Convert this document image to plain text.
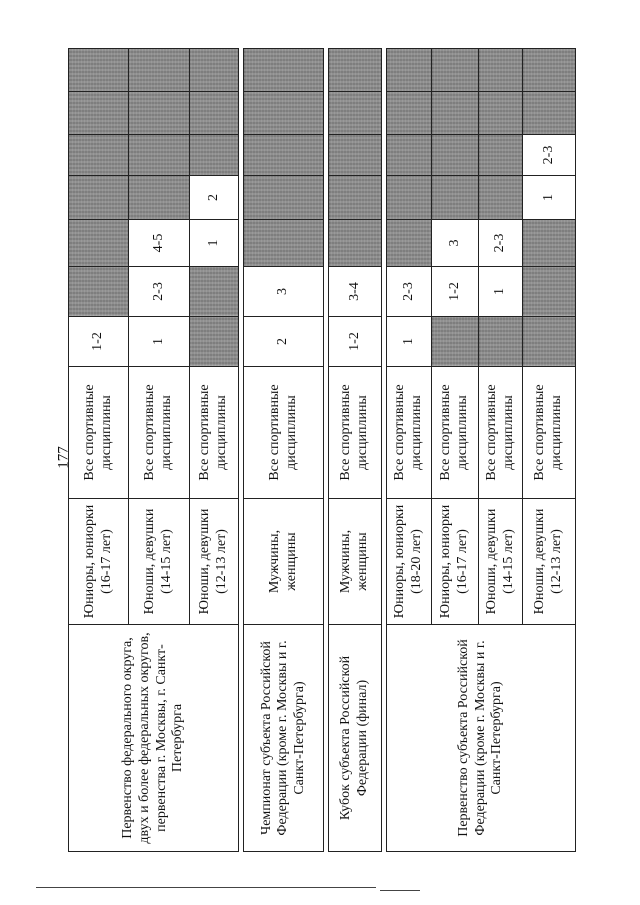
177
Первенство федерального округа, двух и более федеральных округов, первенства г. Москвы, г. Санкт-Петербурга	Юниоры, юниорки (16-17 лет)	Все спортивные дисциплины	1-2						
	Юноши, девушки (14-15 лет)	Все спортивные дисциплины	1	2-3	4-5				
	Юноши, девушки (12-13 лет)	Все спортивные дисциплины			1	2			

Чемпионат субъекта Российской Федерации (кроме г. Москвы и г. Санкт-Петербурга)	Мужчины, женщины	Все спортивные дисциплины	2	3					

Кубок субъекта Российской Федерации (финал)	Мужчины, женщины	Все спортивные дисциплины	1-2	3-4					

Первенство субъекта Российской Федерации (кроме г. Москвы и г. Санкт-Петербурга)	Юниоры, юниорки (18-20 лет)	Все спортивные дисциплины	1	2-3					
	Юниоры, юниорки (16-17 лет)	Все спортивные дисциплины		1-2	3				
	Юноши, девушки (14-15 лет)	Все спортивные дисциплины		1	2-3				
	Юноши, девушки (12-13 лет)	Все спортивные дисциплины				1	2-3		
